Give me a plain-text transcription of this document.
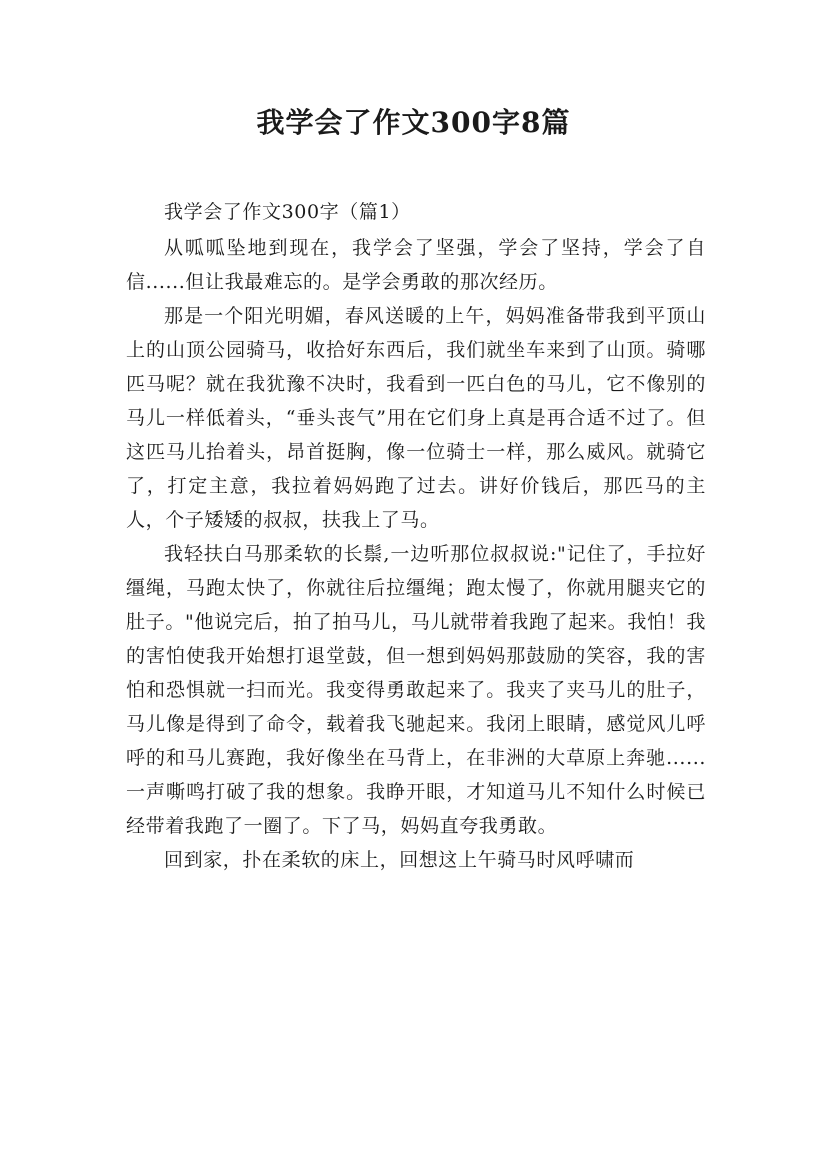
我学会了作文300字8篇

我学会了作文300字（篇1）

从呱呱坠地到现在，我学会了坚强，学会了坚持，学会了自信......但让我最难忘的。是学会勇敢的那次经历。

那是一个阳光明媚，春风送暖的上午，妈妈准备带我到平顶山上的山顶公园骑马，收拾好东西后，我们就坐车来到了山顶。骑哪匹马呢？就在我犹豫不决时，我看到一匹白色的马儿，它不像别的马儿一样低着头，“垂头丧气”用在它们身上真是再合适不过了。但这匹马儿抬着头，昂首挺胸，像一位骑士一样，那么威风。就骑它了，打定主意，我拉着妈妈跑了过去。讲好价钱后，那匹马的主人，个子矮矮的叔叔，扶我上了马。

我轻扶白马那柔软的长鬃,一边听那位叔叔说:"记住了，手拉好缰绳，马跑太快了，你就往后拉缰绳；跑太慢了，你就用腿夹它的肚子。"他说完后，拍了拍马儿，马儿就带着我跑了起来。我怕！我的害怕使我开始想打退堂鼓，但一想到妈妈那鼓励的笑容，我的害怕和恐惧就一扫而光。我变得勇敢起来了。我夹了夹马儿的肚子，马儿像是得到了命令，载着我飞驰起来。我闭上眼睛，感觉风儿呼呼的和马儿赛跑，我好像坐在马背上，在非洲的大草原上奔驰......一声嘶鸣打破了我的想象。我睁开眼，才知道马儿不知什么时候已经带着我跑了一圈了。下了马，妈妈直夸我勇敢。

回到家，扑在柔软的床上，回想这上午骑马时风呼啸而
